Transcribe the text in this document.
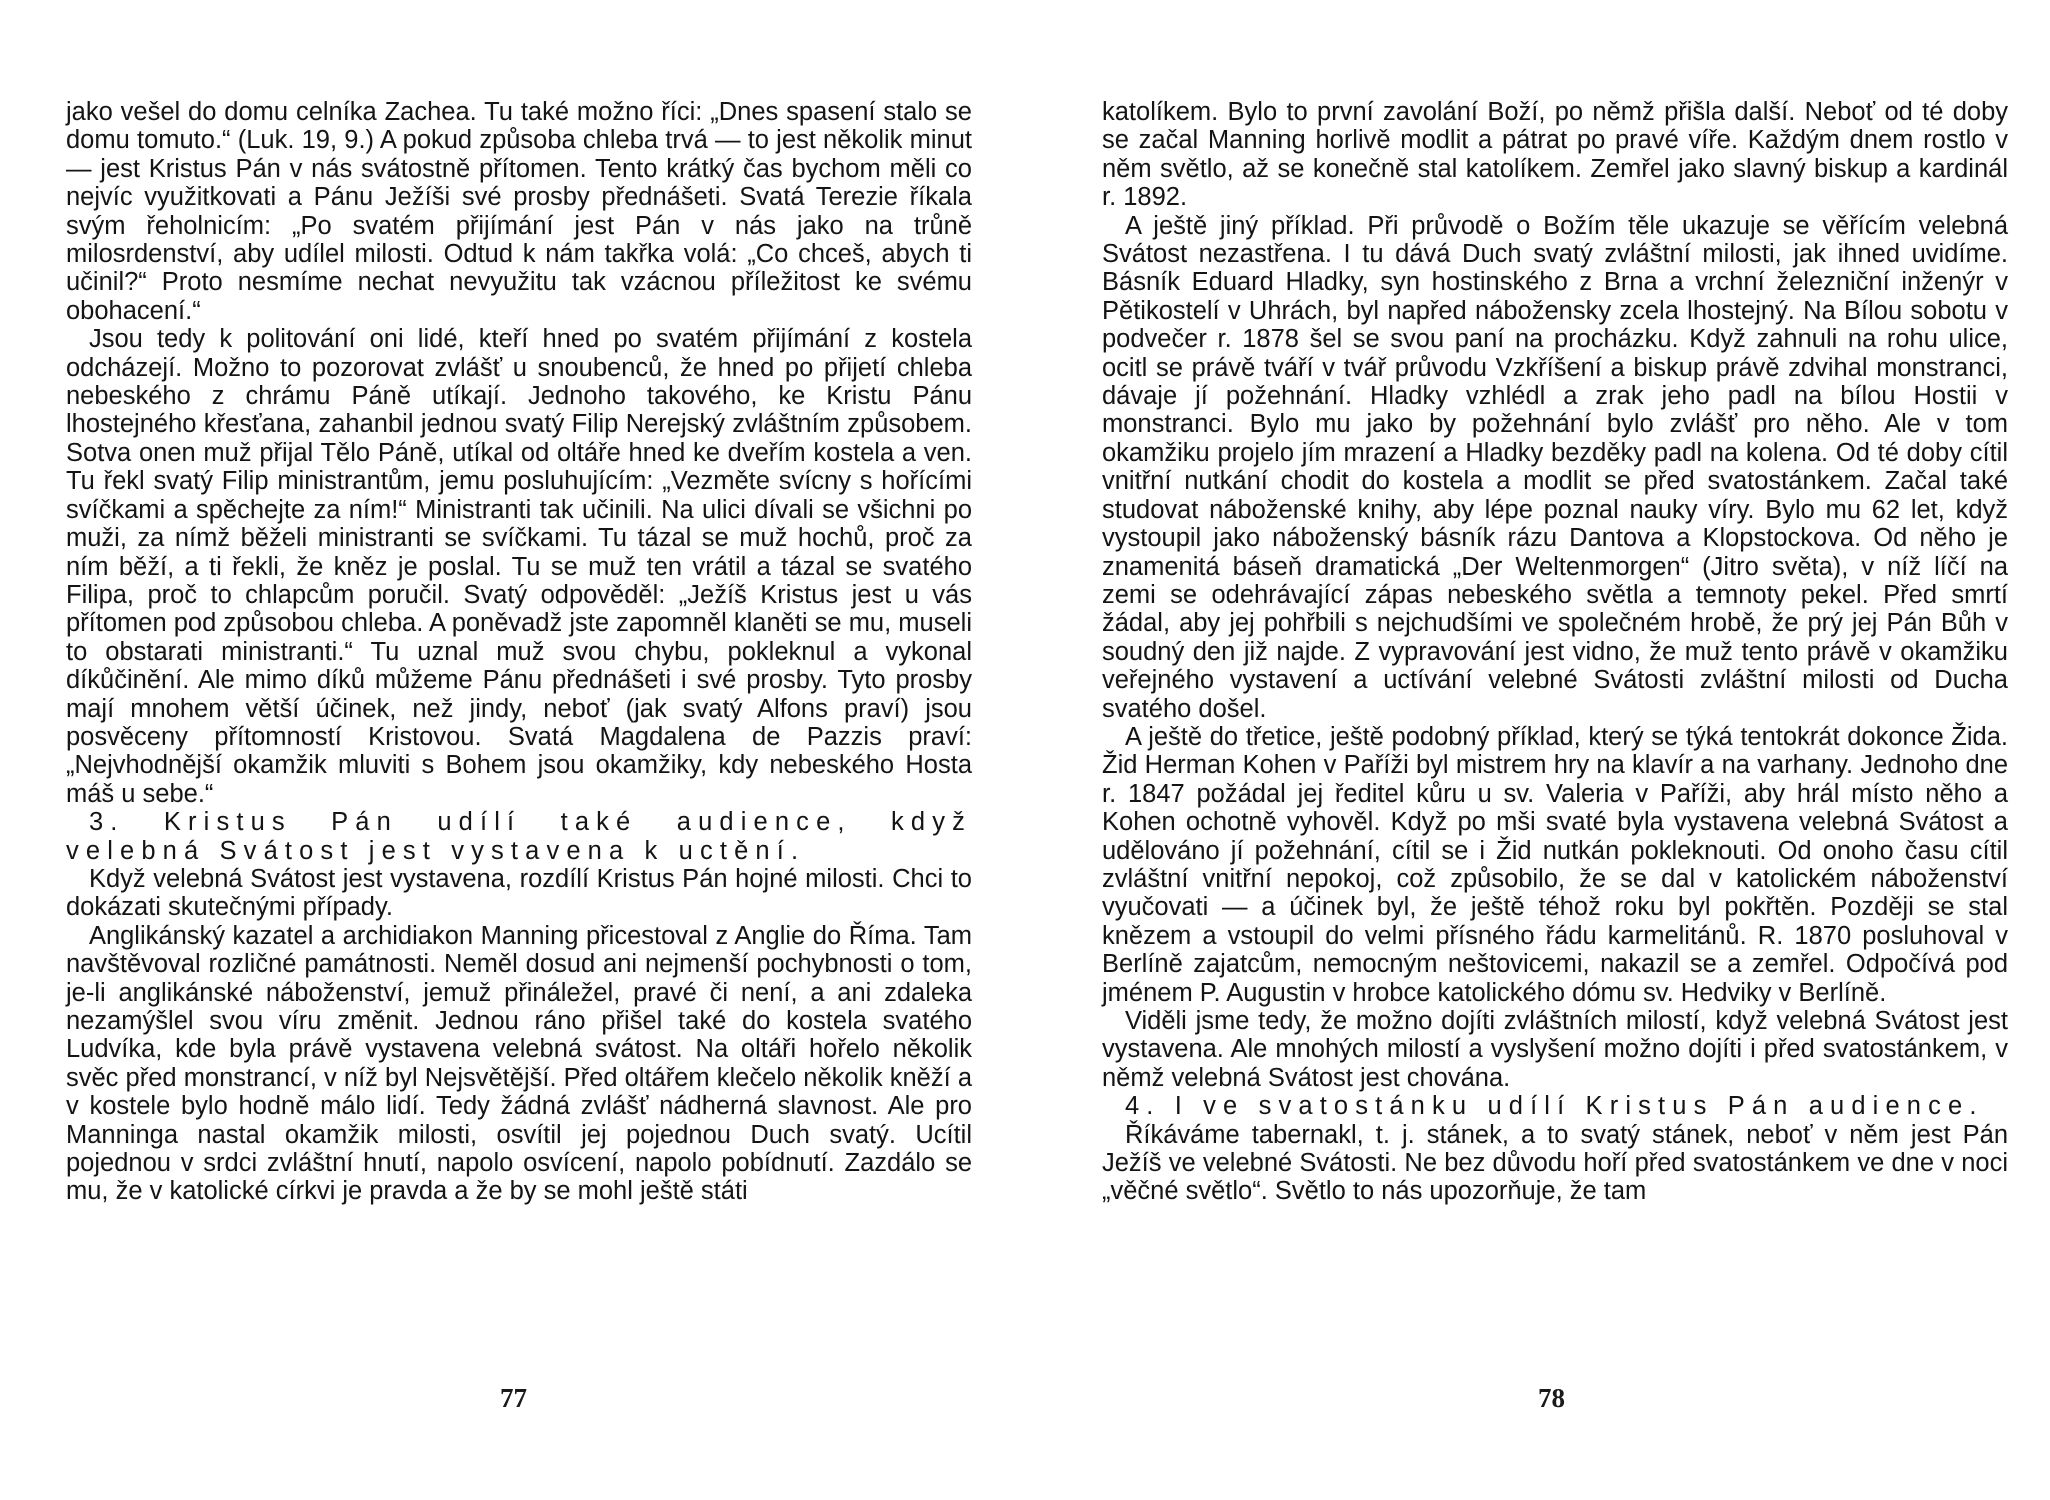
jako vešel do domu celníka Zachea. Tu také možno říci: „Dnes spasení stalo se domu tomuto.“ (Luk. 19, 9.) A pokud způsoba chleba trvá — to jest několik minut — jest Kristus Pán v nás svátostně přítomen. Tento krátký čas bychom měli co nejvíc využitkovati a Pánu Ježíši své prosby přednášeti. Svatá Terezie říkala svým řeholnicím: „Po svatém přijímání jest Pán v nás jako na trůně milosrdenství, aby udílel milosti. Odtud k nám takřka volá: „Co chceš, abych ti učinil?“ Proto nesmíme nechat nevyužitu tak vzácnou příležitost ke svému obohacení.“

Jsou tedy k politování oni lidé, kteří hned po svatém přijímání z kostela odcházejí. Možno to pozorovat zvlášť u snoubenců, že hned po přijetí chleba nebeského z chrámu Páně utíkají. Jednoho takového, ke Kristu Pánu lhostejného křesťana, zahanbil jednou svatý Filip Nerejský zvláštním způsobem. Sotva onen muž přijal Tělo Páně, utíkal od oltáře hned ke dveřím kostela a ven. Tu řekl svatý Filip ministrantům, jemu posluhujícím: „Vezměte svícny s hořícími svíčkami a spěchejte za ním!“ Ministranti tak učinili. Na ulici dívali se všichni po muži, za nímž běželi ministranti se svíčkami. Tu tázal se muž hochů, proč za ním běží, a ti řekli, že kněz je poslal. Tu se muž ten vrátil a tázal se svatého Filipa, proč to chlapcům poručil. Svatý odpověděl: „Ježíš Kristus jest u vás přítomen pod způsobou chleba. A poněvadž jste zapomněl klaněti se mu, museli to obstarati ministranti.“ Tu uznal muž svou chybu, pokleknul a vykonal díkůčinění. Ale mimo díků můžeme Pánu přednášeti i své prosby. Tyto prosby mají mnohem větší účinek, než jindy, neboť (jak svatý Alfons praví) jsou posvěceny přítomností Kristovou. Svatá Magdalena de Pazzis praví: „Nejvhodnější okamžik mluviti s Bohem jsou okamžiky, kdy nebeského Hosta máš u sebe.“

3. Kristus Pán udílí také audience, když velebná Svátost jest vystavena k uctění.

Když velebná Svátost jest vystavena, rozdílí Kristus Pán hojné milosti. Chci to dokázati skutečnými případy.

Anglikánský kazatel a archidiakon Manning přicestoval z Anglie do Říma. Tam navštěvoval rozličné památnosti. Neměl dosud ani nejmenší pochybnosti o tom, je-li anglikánské náboženství, jemuž přináležel, pravé či není, a ani zdaleka nezamýšlel svou víru změnit. Jednou ráno přišel také do kostela svatého Ludvíka, kde byla právě vystavena velebná svátost. Na oltáři hořelo několik svěc před monstrancí, v níž byl Nejsvětější. Před oltářem klečelo několik kněží a v kostele bylo hodně málo lidí. Tedy žádná zvlášť nádherná slavnost. Ale pro Manninga nastal okamžik milosti, osvítil jej pojednou Duch svatý. Ucítil pojednou v srdci zvláštní hnutí, napolo osvícení, napolo pobídnutí. Zazdálo se mu, že v katolické církvi je pravda a že by se mohl ještě státi

77

katolíkem. Bylo to první zavolání Boží, po němž přišla další. Neboť od té doby se začal Manning horlivě modlit a pátrat po pravé víře. Každým dnem rostlo v něm světlo, až se konečně stal katolíkem. Zemřel jako slavný biskup a kardinál r. 1892.

A ještě jiný příklad. Při průvodě o Božím těle ukazuje se věřícím velebná Svátost nezastřena. I tu dává Duch svatý zvláštní milosti, jak ihned uvidíme. Básník Eduard Hladky, syn hostinského z Brna a vrchní železniční inženýr v Pětikostelí v Uhrách, byl napřed nábožensky zcela lhostejný. Na Bílou sobotu v podvečer r. 1878 šel se svou paní na procházku. Když zahnuli na rohu ulice, ocitl se právě tváří v tvář průvodu Vzkříšení a biskup právě zdvihal monstranci, dávaje jí požehnání. Hladky vzhlédl a zrak jeho padl na bílou Hostii v monstranci. Bylo mu jako by požehnání bylo zvlášť pro něho. Ale v tom okamžiku projelo jím mrazení a Hladky bezděky padl na kolena. Od té doby cítil vnitřní nutkání chodit do kostela a modlit se před svatostánkem. Začal také studovat náboženské knihy, aby lépe poznal nauky víry. Bylo mu 62 let, když vystoupil jako náboženský básník rázu Dantova a Klopstockova. Od něho je znamenitá báseň dramatická „Der Weltenmorgen“ (Jitro světa), v níž líčí na zemi se odehrávající zápas nebeského světla a temnoty pekel. Před smrtí žádal, aby jej pohřbili s nejchudšími ve společném hrobě, že prý jej Pán Bůh v soudný den již najde. Z vypravování jest vidno, že muž tento právě v okamžiku veřejného vystavení a uctívání velebné Svátosti zvláštní milosti od Ducha svatého došel.

A ještě do třetice, ještě podobný příklad, který se týká tentokrát dokonce Žida. Žid Herman Kohen v Paříži byl mistrem hry na klavír a na varhany. Jednoho dne r. 1847 požádal jej ředitel kůru u sv. Valeria v Paříži, aby hrál místo něho a Kohen ochotně vyhověl. Když po mši svaté byla vystavena velebná Svátost a udělováno jí požehnání, cítil se i Žid nutkán pokleknouti. Od onoho času cítil zvláštní vnitřní nepokoj, což způsobilo, že se dal v katolickém náboženství vyučovati — a účinek byl, že ještě téhož roku byl pokřtěn. Později se stal knězem a vstoupil do velmi přísného řádu karmelitánů. R. 1870 posluhoval v Berlíně zajatcům, nemocným neštovicemi, nakazil se a zemřel. Odpočívá pod jménem P. Augustin v hrobce katolického dómu sv. Hedviky v Berlíně.

Viděli jsme tedy, že možno dojíti zvláštních milostí, když velebná Svátost jest vystavena. Ale mnohých milostí a vyslyšení možno dojíti i před svatostánkem, v němž velebná Svátost jest chována.

4. I ve svatostánku udílí Kristus Pán audience.

Říkáváme tabernakl, t. j. stánek, a to svatý stánek, neboť v něm jest Pán Ježíš ve velebné Svátosti. Ne bez důvodu hoří před svatostánkem ve dne v noci „věčné světlo“. Světlo to nás upozorňuje, že tam

78
